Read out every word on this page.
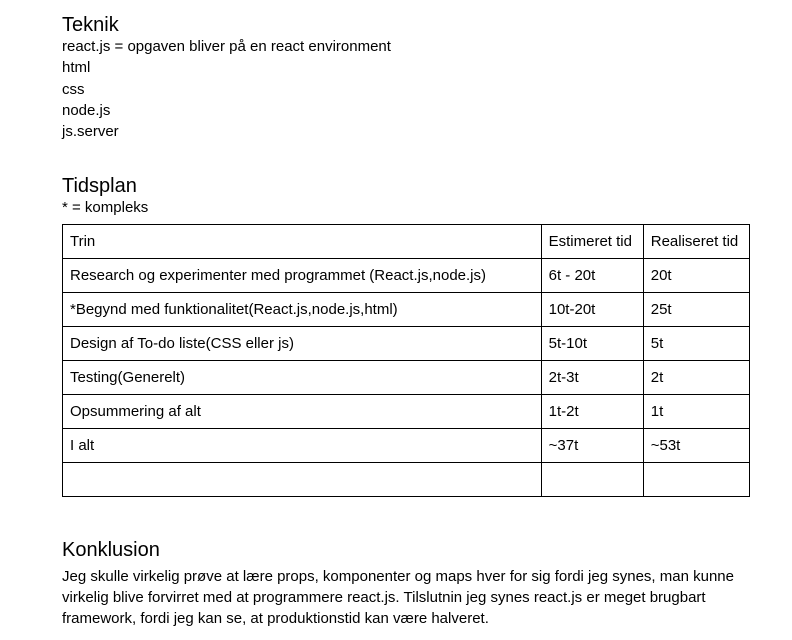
Teknik
react.js = opgaven bliver på en react environment
html
css
node.js
js.server
Tidsplan
* = kompleks
Trin	Estimeret tid	Realiseret tid
Research og experimenter med programmet (React.js,node.js)	6t - 20t	20t
*Begynd med funktionalitet(React.js,node.js,html)	10t-20t	25t
Design af To-do liste(CSS eller js)	5t-10t	5t
Testing(Generelt)	2t-3t	2t
Opsummering af alt	1t-2t	1t
I alt	~37t	~53t

Konklusion

Jeg skulle virkelig prøve at lære props, komponenter og maps hver for sig fordi jeg synes, man kunne virkelig blive forvirret med at programmere react.js. Tilslutnin jeg synes react.js er meget brugbart framework, fordi jeg kan se, at produktionstid kan være halveret.
